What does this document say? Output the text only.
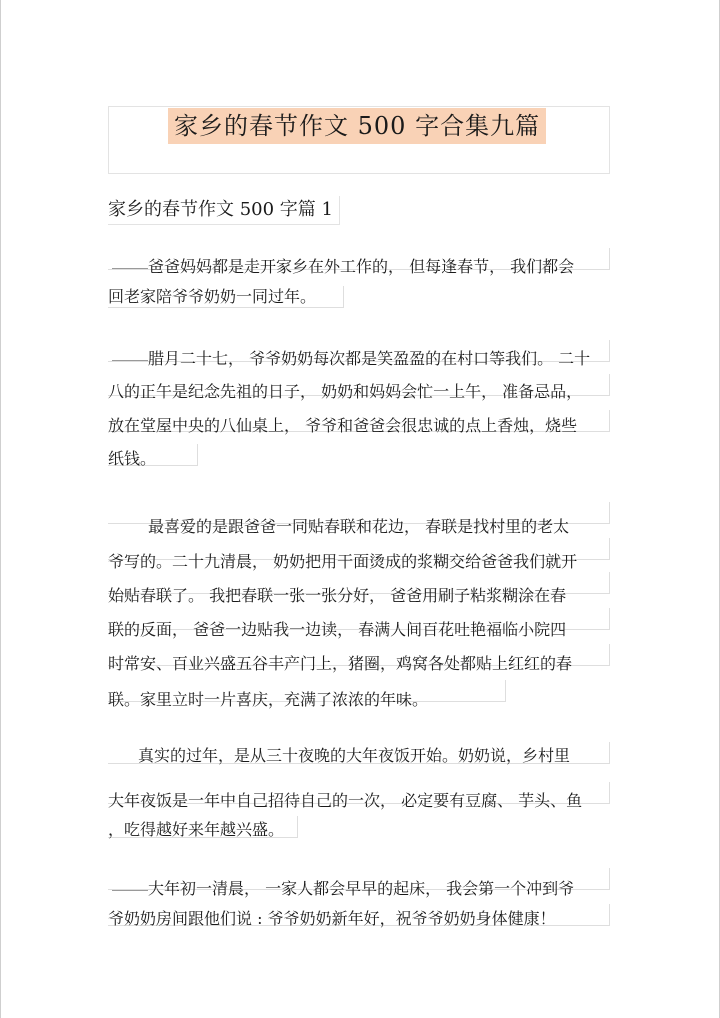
家乡的春节作文 500 字合集九篇
家乡的春节作文 500 字篇 1
爸爸妈妈都是走开家乡在外工作的， 但每逢春节， 我们都会
回老家陪爷爷奶奶一同过年。
腊月二十七， 爷爷奶奶每次都是笑盈盈的在村口等我们。 二十
八的正午是纪念先祖的日子， 奶奶和妈妈会忙一上午， 准备忌品，
放在堂屋中央的八仙桌上， 爷爷和爸爸会很忠诚的点上香烛，烧些
纸钱。
最喜爱的是跟爸爸一同贴春联和花边， 春联是找村里的老太
爷写的。二十九清晨， 奶奶把用干面烫成的浆糊交给爸爸我们就开
始贴春联了。 我把春联一张一张分好， 爸爸用刷子粘浆糊涂在春
联的反面， 爸爸一边贴我一边读， 春满人间百花吐艳福临小院四
时常安、百业兴盛五谷丰产门上，猪圈，鸡窝各处都贴上红红的春
联。家里立时一片喜庆，充满了浓浓的年味。
真实的过年，是从三十夜晚的大年夜饭开始。奶奶说，乡村里
大年夜饭是一年中自己招待自己的一次， 必定要有豆腐、 芋头、鱼
，吃得越好来年越兴盛。
大年初一清晨， 一家人都会早早的起床， 我会第一个冲到爷
爷奶奶房间跟他们说 : 爷爷奶奶新年好，祝爷爷奶奶身体健康！
